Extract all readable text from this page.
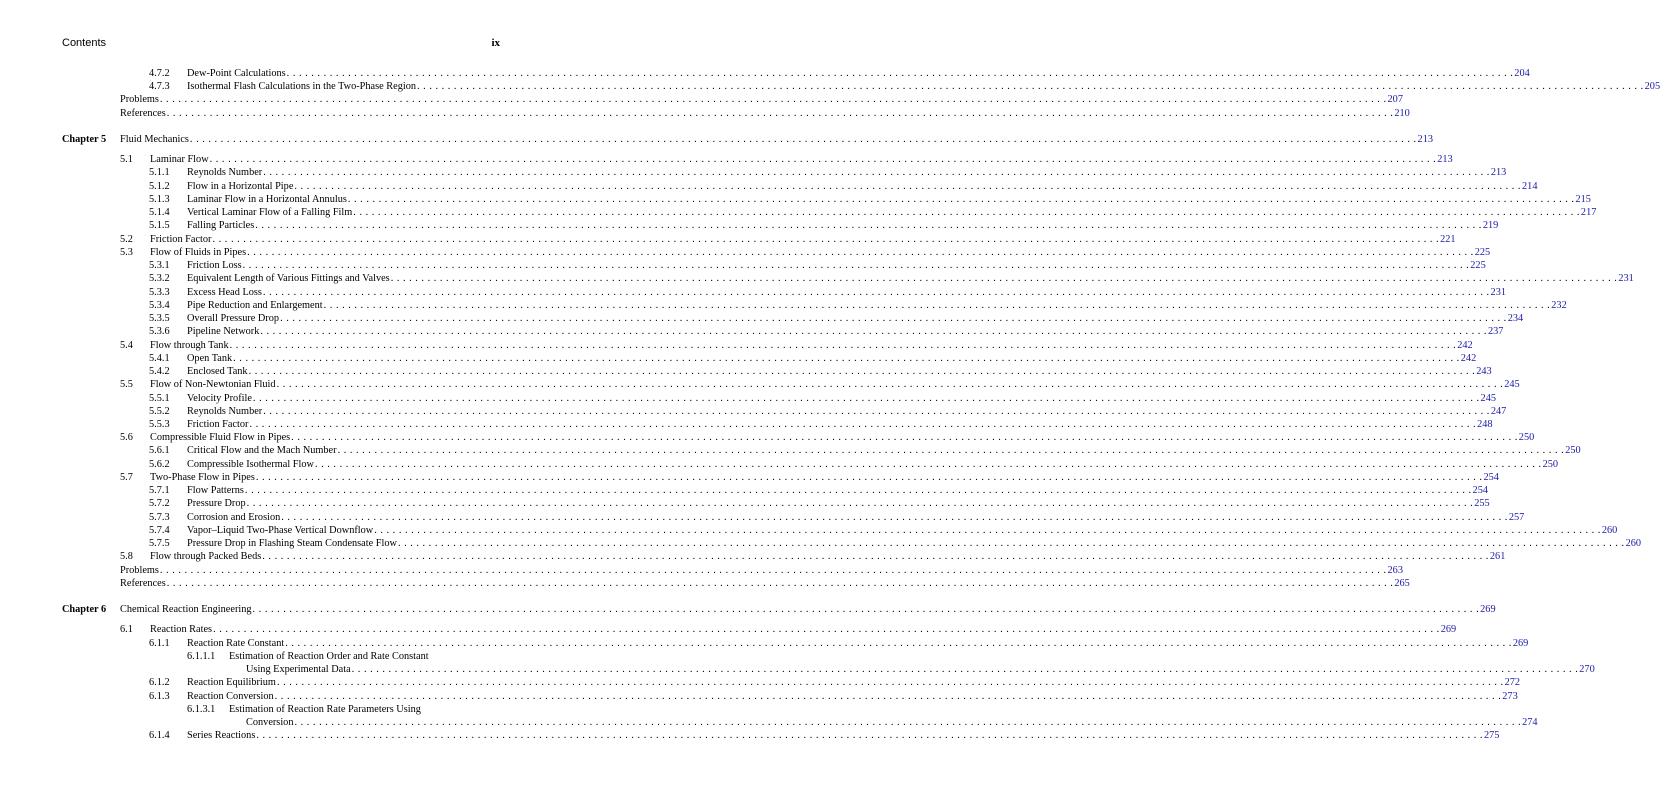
Contents	ix
4.7.2 Dew-Point Calculations . . . . . . . . . . . . . . . . . . . . . . . . . . . . . . . . . . . . . . . . . . . . . . . . . . . . . . . . . . . . . . . . . . . . . . . . . . . . . . . . . . . . . . . . . . . . . . . . . . . . . . . . . . . . . . . . . . . . . . . . . . . . . . . . . . . . . . . . . . . . . . . . . . . . . . . . . . . . . . . . . . . . . . . . . . . . . . . . . . . . . . . . . . . . . . . . . . . . . . . . 204
4.7.3 Isothermal Flash Calculations in the Two-Phase Region . . . . . . . . . . . . . . . . . . . . . . . . . . . . . . . . . . . . . . . . . . . . . . . . . . . . . . . . . . . . . . . . . . . . . . . . . . . . . . . . . . . . . . . . . . . . . . . . . . . . . . . . . . . . . . . . . . . . . . . . . . . . . . . . . . . . . . . . . . . . . . . . . . . . . . . . . . . . . . . . . . . . . . . . . . . . . . . . . . . . . . . . . . . . . . . . . . . . . . . . 205
Problems . . . . . . . . . . . . . . . . . . . . . . . . . . . . . . . . . . . . . . . . . . . . . . . . . . . . . . . . . . . . . . . . . . . . . . . . . . . . . . . . . . . . . . . . . . . . . . . . . . . . . . . . . . . . . . . . . . . . . . . . . . . . . . . . . . . . . . . . . . . . . . . . . . . . . . . . . . . . . . . . . . . . . . . . . . . . . . . . . . . . . . . . . . . . . . . . . . . . . . . . 207
References . . . . . . . . . . . . . . . . . . . . . . . . . . . . . . . . . . . . . . . . . . . . . . . . . . . . . . . . . . . . . . . . . . . . . . . . . . . . . . . . . . . . . . . . . . . . . . . . . . . . . . . . . . . . . . . . . . . . . . . . . . . . . . . . . . . . . . . . . . . . . . . . . . . . . . . . . . . . . . . . . . . . . . . . . . . . . . . . . . . . . . . . . . . . . . . . . . . . . . . . 210
Chapter 5 Fluid Mechanics . . . . . . . . . . . . . . . . . . . . . . . . . . . . . . . . . . . . . . . . . . . . . . . . . . . . . . . . . . . . . . . . . . . . . . . . . . . . . . . . . . . . . . . . . . . . . . . . . . . . . . . . . . . . . . . . . . . . . . . . . . . . . . . . . . . . . . . . . . . . . . . . . . . . . . . . . . . . . . . . . . . . . . . . . . . . . . . . . . . . . . . . . . . . . . . . . . . . . . . . 213
5.1 Laminar Flow . . . . . . . . . . . . . . . . . . . . . . . . . . . . . . . . . . . . . . . . . . . . . . . . . . . . . . . . . . . . . . . . . . . . . . . . . . . . . . . . . . . . . . . . . . . . . . . . . . . . . . . . . . . . . . . . . . . . . . . . . . . . . . . . . . . . . . . . . . . . . . . . . . . . . . . . . . . . . . . . . . . . . . . . . . . . . . . . . . . . . . . . . . . . . . . . . . . . . . . . 213
5.1.1 Reynolds Number . . . . . . . . . . . . . . . . . . . . . . . . . . . . . . . . . . . . . . . . . . . . . . . . . . . . . . . . . . . . . . . . . . . . . . . . . . . . . . . . . . . . . . . . . . . . . . . . . . . . . . . . . . . . . . . . . . . . . . . . . . . . . . . . . . . . . . . . . . . . . . . . . . . . . . . . . . . . . . . . . . . . . . . . . . . . . . . . . . . . . . . . . . . . . . . . . . . . . . . . 213
5.1.2 Flow in a Horizontal Pipe . . . . . . . . . . . . . . . . . . . . . . . . . . . . . . . . . . . . . . . . . . . . . . . . . . . . . . . . . . . . . . . . . . . . . . . . . . . . . . . . . . . . . . . . . . . . . . . . . . . . . . . . . . . . . . . . . . . . . . . . . . . . . . . . . . . . . . . . . . . . . . . . . . . . . . . . . . . . . . . . . . . . . . . . . . . . . . . . . . . . . . . . . . . . . . . . . . . . . . . . 214
5.1.3 Laminar Flow in a Horizontal Annulus . . . . . . . . . . . . . . . . . . . . . . . . . . . . . . . . . . . . . . . . . . . . . . . . . . . . . . . . . . . . . . . . . . . . . . . . . . . . . . . . . . . . . . . . . . . . . . . . . . . . . . . . . . . . . . . . . . . . . . . . . . . . . . . . . . . . . . . . . . . . . . . . . . . . . . . . . . . . . . . . . . . . . . . . . . . . . . . . . . . . . . . . . . . . . . . . . . . . . . . . 215
5.1.4 Vertical Laminar Flow of a Falling Film . . . . . . . . . . . . . . . . . . . . . . . . . . . . . . . . . . . . . . . . . . . . . . . . . . . . . . . . . . . . . . . . . . . . . . . . . . . . . . . . . . . . . . . . . . . . . . . . . . . . . . . . . . . . . . . . . . . . . . . . . . . . . . . . . . . . . . . . . . . . . . . . . . . . . . . . . . . . . . . . . . . . . . . . . . . . . . . . . . . . . . . . . . . . . . . . . . . . . . . . 217
5.1.5 Falling Particles . . . . . . . . . . . . . . . . . . . . . . . . . . . . . . . . . . . . . . . . . . . . . . . . . . . . . . . . . . . . . . . . . . . . . . . . . . . . . . . . . . . . . . . . . . . . . . . . . . . . . . . . . . . . . . . . . . . . . . . . . . . . . . . . . . . . . . . . . . . . . . . . . . . . . . . . . . . . . . . . . . . . . . . . . . . . . . . . . . . . . . . . . . . . . . . . . . . . . . . . 219
5.2 Friction Factor . . . . . . . . . . . . . . . . . . . . . . . . . . . . . . . . . . . . . . . . . . . . . . . . . . . . . . . . . . . . . . . . . . . . . . . . . . . . . . . . . . . . . . . . . . . . . . . . . . . . . . . . . . . . . . . . . . . . . . . . . . . . . . . . . . . . . . . . . . . . . . . . . . . . . . . . . . . . . . . . . . . . . . . . . . . . . . . . . . . . . . . . . . . . . . . . . . . . . . . . 221
5.3 Flow of Fluids in Pipes . . . . . . . . . . . . . . . . . . . . . . . . . . . . . . . . . . . . . . . . . . . . . . . . . . . . . . . . . . . . . . . . . . . . . . . . . . . . . . . . . . . . . . . . . . . . . . . . . . . . . . . . . . . . . . . . . . . . . . . . . . . . . . . . . . . . . . . . . . . . . . . . . . . . . . . . . . . . . . . . . . . . . . . . . . . . . . . . . . . . . . . . . . . . . . . . . . . . . . . . 225
5.3.1 Friction Loss . . . . . . . . . . . . . . . . . . . . . . . . . . . . . . . . . . . . . . . . . . . . . . . . . . . . . . . . . . . . . . . . . . . . . . . . . . . . . . . . . . . . . . . . . . . . . . . . . . . . . . . . . . . . . . . . . . . . . . . . . . . . . . . . . . . . . . . . . . . . . . . . . . . . . . . . . . . . . . . . . . . . . . . . . . . . . . . . . . . . . . . . . . . . . . . . . . . . . . . . 225
5.3.2 Equivalent Length of Various Fittings and Valves . . . . . . . . . . . . . . . . . . . . . . . . . . . . . . . . . . . . . . . . . . . . . . . . . . . . . . . . . . . . . . . . . . . . . . . . . . . . . . . . . . . . . . . . . . . . . . . . . . . . . . . . . . . . . . . . . . . . . . . . . . . . . . . . . . . . . . . . . . . . . . . . . . . . . . . . . . . . . . . . . . . . . . . . . . . . . . . . . . . . . . . . . . . . . . . . . . . . . . . . 231
5.3.3 Excess Head Loss . . . . . . . . . . . . . . . . . . . . . . . . . . . . . . . . . . . . . . . . . . . . . . . . . . . . . . . . . . . . . . . . . . . . . . . . . . . . . . . . . . . . . . . . . . . . . . . . . . . . . . . . . . . . . . . . . . . . . . . . . . . . . . . . . . . . . . . . . . . . . . . . . . . . . . . . . . . . . . . . . . . . . . . . . . . . . . . . . . . . . . . . . . . . . . . . . . . . . . . . 231
5.3.4 Pipe Reduction and Enlargement . . . . . . . . . . . . . . . . . . . . . . . . . . . . . . . . . . . . . . . . . . . . . . . . . . . . . . . . . . . . . . . . . . . . . . . . . . . . . . . . . . . . . . . . . . . . . . . . . . . . . . . . . . . . . . . . . . . . . . . . . . . . . . . . . . . . . . . . . . . . . . . . . . . . . . . . . . . . . . . . . . . . . . . . . . . . . . . . . . . . . . . . . . . . . . . . . . . . . . . . 232
5.3.5 Overall Pressure Drop . . . . . . . . . . . . . . . . . . . . . . . . . . . . . . . . . . . . . . . . . . . . . . . . . . . . . . . . . . . . . . . . . . . . . . . . . . . . . . . . . . . . . . . . . . . . . . . . . . . . . . . . . . . . . . . . . . . . . . . . . . . . . . . . . . . . . . . . . . . . . . . . . . . . . . . . . . . . . . . . . . . . . . . . . . . . . . . . . . . . . . . . . . . . . . . . . . . . . . . . 234
5.3.6 Pipeline Network . . . . . . . . . . . . . . . . . . . . . . . . . . . . . . . . . . . . . . . . . . . . . . . . . . . . . . . . . . . . . . . . . . . . . . . . . . . . . . . . . . . . . . . . . . . . . . . . . . . . . . . . . . . . . . . . . . . . . . . . . . . . . . . . . . . . . . . . . . . . . . . . . . . . . . . . . . . . . . . . . . . . . . . . . . . . . . . . . . . . . . . . . . . . . . . . . . . . . . . . 237
5.4 Flow through Tank . . . . . . . . . . . . . . . . . . . . . . . . . . . . . . . . . . . . . . . . . . . . . . . . . . . . . . . . . . . . . . . . . . . . . . . . . . . . . . . . . . . . . . . . . . . . . . . . . . . . . . . . . . . . . . . . . . . . . . . . . . . . . . . . . . . . . . . . . . . . . . . . . . . . . . . . . . . . . . . . . . . . . . . . . . . . . . . . . . . . . . . . . . . . . . . . . . . . . . . . 242
5.4.1 Open Tank . . . . . . . . . . . . . . . . . . . . . . . . . . . . . . . . . . . . . . . . . . . . . . . . . . . . . . . . . . . . . . . . . . . . . . . . . . . . . . . . . . . . . . . . . . . . . . . . . . . . . . . . . . . . . . . . . . . . . . . . . . . . . . . . . . . . . . . . . . . . . . . . . . . . . . . . . . . . . . . . . . . . . . . . . . . . . . . . . . . . . . . . . . . . . . . . . . . . . . . . 242
5.4.2 Enclosed Tank . . . . . . . . . . . . . . . . . . . . . . . . . . . . . . . . . . . . . . . . . . . . . . . . . . . . . . . . . . . . . . . . . . . . . . . . . . . . . . . . . . . . . . . . . . . . . . . . . . . . . . . . . . . . . . . . . . . . . . . . . . . . . . . . . . . . . . . . . . . . . . . . . . . . . . . . . . . . . . . . . . . . . . . . . . . . . . . . . . . . . . . . . . . . . . . . . . . . . . . . 243
5.5 Flow of Non-Newtonian Fluid . . . . . . . . . . . . . . . . . . . . . . . . . . . . . . . . . . . . . . . . . . . . . . . . . . . . . . . . . . . . . . . . . . . . . . . . . . . . . . . . . . . . . . . . . . . . . . . . . . . . . . . . . . . . . . . . . . . . . . . . . . . . . . . . . . . . . . . . . . . . . . . . . . . . . . . . . . . . . . . . . . . . . . . . . . . . . . . . . . . . . . . . . . . . . . . . . . . . . . . . 245
5.5.1 Velocity Profile . . . . . . . . . . . . . . . . . . . . . . . . . . . . . . . . . . . . . . . . . . . . . . . . . . . . . . . . . . . . . . . . . . . . . . . . . . . . . . . . . . . . . . . . . . . . . . . . . . . . . . . . . . . . . . . . . . . . . . . . . . . . . . . . . . . . . . . . . . . . . . . . . . . . . . . . . . . . . . . . . . . . . . . . . . . . . . . . . . . . . . . . . . . . . . . . . . . . . . . . 245
5.5.2 Reynolds Number . . . . . . . . . . . . . . . . . . . . . . . . . . . . . . . . . . . . . . . . . . . . . . . . . . . . . . . . . . . . . . . . . . . . . . . . . . . . . . . . . . . . . . . . . . . . . . . . . . . . . . . . . . . . . . . . . . . . . . . . . . . . . . . . . . . . . . . . . . . . . . . . . . . . . . . . . . . . . . . . . . . . . . . . . . . . . . . . . . . . . . . . . . . . . . . . . . . . . . . . 247
5.5.3 Friction Factor . . . . . . . . . . . . . . . . . . . . . . . . . . . . . . . . . . . . . . . . . . . . . . . . . . . . . . . . . . . . . . . . . . . . . . . . . . . . . . . . . . . . . . . . . . . . . . . . . . . . . . . . . . . . . . . . . . . . . . . . . . . . . . . . . . . . . . . . . . . . . . . . . . . . . . . . . . . . . . . . . . . . . . . . . . . . . . . . . . . . . . . . . . . . . . . . . . . . . . . . 248
5.6 Compressible Fluid Flow in Pipes . . . . . . . . . . . . . . . . . . . . . . . . . . . . . . . . . . . . . . . . . . . . . . . . . . . . . . . . . . . . . . . . . . . . . . . . . . . . . . . . . . . . . . . . . . . . . . . . . . . . . . . . . . . . . . . . . . . . . . . . . . . . . . . . . . . . . . . . . . . . . . . . . . . . . . . . . . . . . . . . . . . . . . . . . . . . . . . . . . . . . . . . . . . . . . . . . . . . . . . . 250
5.6.1 Critical Flow and the Mach Number . . . . . . . . . . . . . . . . . . . . . . . . . . . . . . . . . . . . . . . . . . . . . . . . . . . . . . . . . . . . . . . . . . . . . . . . . . . . . . . . . . . . . . . . . . . . . . . . . . . . . . . . . . . . . . . . . . . . . . . . . . . . . . . . . . . . . . . . . . . . . . . . . . . . . . . . . . . . . . . . . . . . . . . . . . . . . . . . . . . . . . . . . . . . . . . . . . . . . . . . 250
5.6.2 Compressible Isothermal Flow . . . . . . . . . . . . . . . . . . . . . . . . . . . . . . . . . . . . . . . . . . . . . . . . . . . . . . . . . . . . . . . . . . . . . . . . . . . . . . . . . . . . . . . . . . . . . . . . . . . . . . . . . . . . . . . . . . . . . . . . . . . . . . . . . . . . . . . . . . . . . . . . . . . . . . . . . . . . . . . . . . . . . . . . . . . . . . . . . . . . . . . . . . . . . . . . . . . . . . . . 250
5.7 Two-Phase Flow in Pipes . . . . . . . . . . . . . . . . . . . . . . . . . . . . . . . . . . . . . . . . . . . . . . . . . . . . . . . . . . . . . . . . . . . . . . . . . . . . . . . . . . . . . . . . . . . . . . . . . . . . . . . . . . . . . . . . . . . . . . . . . . . . . . . . . . . . . . . . . . . . . . . . . . . . . . . . . . . . . . . . . . . . . . . . . . . . . . . . . . . . . . . . . . . . . . . . . . . . . . . . 254
5.7.1 Flow Patterns . . . . . . . . . . . . . . . . . . . . . . . . . . . . . . . . . . . . . . . . . . . . . . . . . . . . . . . . . . . . . . . . . . . . . . . . . . . . . . . . . . . . . . . . . . . . . . . . . . . . . . . . . . . . . . . . . . . . . . . . . . . . . . . . . . . . . . . . . . . . . . . . . . . . . . . . . . . . . . . . . . . . . . . . . . . . . . . . . . . . . . . . . . . . . . . . . . . . . . . . 254
5.7.2 Pressure Drop . . . . . . . . . . . . . . . . . . . . . . . . . . . . . . . . . . . . . . . . . . . . . . . . . . . . . . . . . . . . . . . . . . . . . . . . . . . . . . . . . . . . . . . . . . . . . . . . . . . . . . . . . . . . . . . . . . . . . . . . . . . . . . . . . . . . . . . . . . . . . . . . . . . . . . . . . . . . . . . . . . . . . . . . . . . . . . . . . . . . . . . . . . . . . . . . . . . . . . . . 255
5.7.3 Corrosion and Erosion . . . . . . . . . . . . . . . . . . . . . . . . . . . . . . . . . . . . . . . . . . . . . . . . . . . . . . . . . . . . . . . . . . . . . . . . . . . . . . . . . . . . . . . . . . . . . . . . . . . . . . . . . . . . . . . . . . . . . . . . . . . . . . . . . . . . . . . . . . . . . . . . . . . . . . . . . . . . . . . . . . . . . . . . . . . . . . . . . . . . . . . . . . . . . . . . . . . . . . . . 257
5.7.4 Vapor–Liquid Two-Phase Vertical Downflow . . . . . . . . . . . . . . . . . . . . . . . . . . . . . . . . . . . . . . . . . . . . . . . . . . . . . . . . . . . . . . . . . . . . . . . . . . . . . . . . . . . . . . . . . . . . . . . . . . . . . . . . . . . . . . . . . . . . . . . . . . . . . . . . . . . . . . . . . . . . . . . . . . . . . . . . . . . . . . . . . . . . . . . . . . . . . . . . . . . . . . . . . . . . . . . . . . . . . . . . 260
5.7.5 Pressure Drop in Flashing Steam Condensate Flow . . . . . . . . . . . . . . . . . . . . . . . . . . . . . . . . . . . . . . . . . . . . . . . . . . . . . . . . . . . . . . . . . . . . . . . . . . . . . . . . . . . . . . . . . . . . . . . . . . . . . . . . . . . . . . . . . . . . . . . . . . . . . . . . . . . . . . . . . . . . . . . . . . . . . . . . . . . . . . . . . . . . . . . . . . . . . . . . . . . . . . . . . . . . . . . . . . . . . . . . 260
5.8 Flow through Packed Beds . . . . . . . . . . . . . . . . . . . . . . . . . . . . . . . . . . . . . . . . . . . . . . . . . . . . . . . . . . . . . . . . . . . . . . . . . . . . . . . . . . . . . . . . . . . . . . . . . . . . . . . . . . . . . . . . . . . . . . . . . . . . . . . . . . . . . . . . . . . . . . . . . . . . . . . . . . . . . . . . . . . . . . . . . . . . . . . . . . . . . . . . . . . . . . . . . . . . . . . . 261
Problems . . . . . . . . . . . . . . . . . . . . . . . . . . . . . . . . . . . . . . . . . . . . . . . . . . . . . . . . . . . . . . . . . . . . . . . . . . . . . . . . . . . . . . . . . . . . . . . . . . . . . . . . . . . . . . . . . . . . . . . . . . . . . . . . . . . . . . . . . . . . . . . . . . . . . . . . . . . . . . . . . . . . . . . . . . . . . . . . . . . . . . . . . . . . . . . . . . . . . . . . 263
References . . . . . . . . . . . . . . . . . . . . . . . . . . . . . . . . . . . . . . . . . . . . . . . . . . . . . . . . . . . . . . . . . . . . . . . . . . . . . . . . . . . . . . . . . . . . . . . . . . . . . . . . . . . . . . . . . . . . . . . . . . . . . . . . . . . . . . . . . . . . . . . . . . . . . . . . . . . . . . . . . . . . . . . . . . . . . . . . . . . . . . . . . . . . . . . . . . . . . . . . 265
Chapter 6 Chemical Reaction Engineering . . . . . . . . . . . . . . . . . . . . . . . . . . . . . . . . . . . . . . . . . . . . . . . . . . . . . . . . . . . . . . . . . . . . . . . . . . . . . . . . . . . . . . . . . . . . . . . . . . . . . . . . . . . . . . . . . . . . . . . . . . . . . . . . . . . . . . . . . . . . . . . . . . . . . . . . . . . . . . . . . . . . . . . . . . . . . . . . . . . . . . . . . . . . . . . . . . . . . . . . 269
6.1 Reaction Rates . . . . . . . . . . . . . . . . . . . . . . . . . . . . . . . . . . . . . . . . . . . . . . . . . . . . . . . . . . . . . . . . . . . . . . . . . . . . . . . . . . . . . . . . . . . . . . . . . . . . . . . . . . . . . . . . . . . . . . . . . . . . . . . . . . . . . . . . . . . . . . . . . . . . . . . . . . . . . . . . . . . . . . . . . . . . . . . . . . . . . . . . . . . . . . . . . . . . . . . . 269
6.1.1 Reaction Rate Constant . . . . . . . . . . . . . . . . . . . . . . . . . . . . . . . . . . . . . . . . . . . . . . . . . . . . . . . . . . . . . . . . . . . . . . . . . . . . . . . . . . . . . . . . . . . . . . . . . . . . . . . . . . . . . . . . . . . . . . . . . . . . . . . . . . . . . . . . . . . . . . . . . . . . . . . . . . . . . . . . . . . . . . . . . . . . . . . . . . . . . . . . . . . . . . . . . . . . . . . . 269
6.1.1.1 Estimation of Reaction Order and Rate Constant
Using Experimental Data . . . . . . . . . . . . . . . . . . . . . . . . . . . . . . . . . . . . . . . . . . . . . . . . . . . . . . . . . . . . . . . . . . . . . . . . . . . . . . . . . . . . . . . . . . . . . . . . . . . . . . . . . . . . . . . . . . . . . . . . . . . . . . . . . . . . . . . . . . . . . . . . . . . . . . . . . . . . . . . . . . . . . . . . . . . . . . . . . . . . . . . . . . . . . . . . . . . . . . . . 270
6.1.2 Reaction Equilibrium . . . . . . . . . . . . . . . . . . . . . . . . . . . . . . . . . . . . . . . . . . . . . . . . . . . . . . . . . . . . . . . . . . . . . . . . . . . . . . . . . . . . . . . . . . . . . . . . . . . . . . . . . . . . . . . . . . . . . . . . . . . . . . . . . . . . . . . . . . . . . . . . . . . . . . . . . . . . . . . . . . . . . . . . . . . . . . . . . . . . . . . . . . . . . . . . . . . . . . . . 272
6.1.3 Reaction Conversion . . . . . . . . . . . . . . . . . . . . . . . . . . . . . . . . . . . . . . . . . . . . . . . . . . . . . . . . . . . . . . . . . . . . . . . . . . . . . . . . . . . . . . . . . . . . . . . . . . . . . . . . . . . . . . . . . . . . . . . . . . . . . . . . . . . . . . . . . . . . . . . . . . . . . . . . . . . . . . . . . . . . . . . . . . . . . . . . . . . . . . . . . . . . . . . . . . . . . . . . 273
6.1.3.1 Estimation of Reaction Rate Parameters Using
Conversion . . . . . . . . . . . . . . . . . . . . . . . . . . . . . . . . . . . . . . . . . . . . . . . . . . . . . . . . . . . . . . . . . . . . . . . . . . . . . . . . . . . . . . . . . . . . . . . . . . . . . . . . . . . . . . . . . . . . . . . . . . . . . . . . . . . . . . . . . . . . . . . . . . . . . . . . . . . . . . . . . . . . . . . . . . . . . . . . . . . . . . . . . . . . . . . . . . . . . . . . 274
6.1.4 Series Reactions . . . . . . . . . . . . . . . . . . . . . . . . . . . . . . . . . . . . . . . . . . . . . . . . . . . . . . . . . . . . . . . . . . . . . . . . . . . . . . . . . . . . . . . . . . . . . . . . . . . . . . . . . . . . . . . . . . . . . . . . . . . . . . . . . . . . . . . . . . . . . . . . . . . . . . . . . . . . . . . . . . . . . . . . . . . . . . . . . . . . . . . . . . . . . . . . . . . . . . . . 275
